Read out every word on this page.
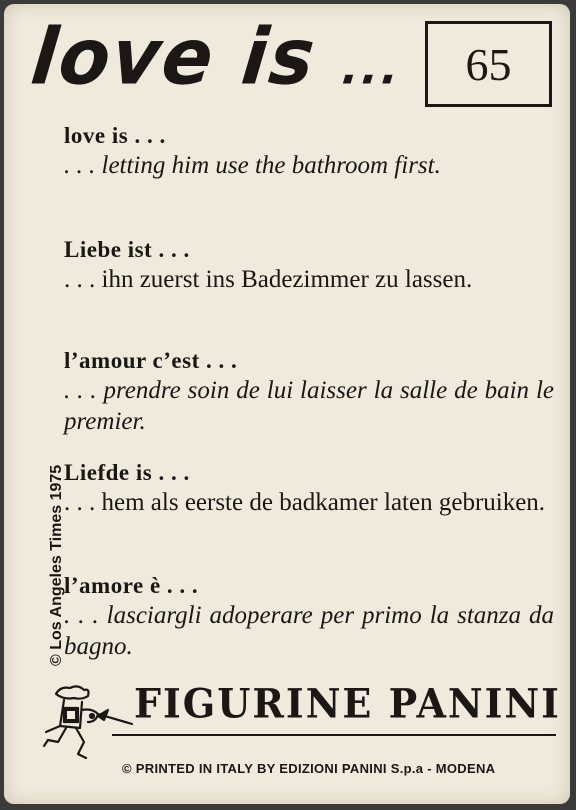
love is ... 65
love is . . .
. . . letting him use the bathroom first.
Liebe ist . . .
. . . ihn zuerst ins Badezimmer zu lassen.
l’amour c’est . . .
. . . prendre soin de lui laisser la salle de bain le premier.
Liefde is . . .
. . . hem als eerste de badkamer laten gebruiken.
l’amore è . . .
. . . lasciargli adoperare per primo la stanza da bagno.
© Los Angeles Times 1975
FIGURINE PANINI
© PRINTED IN ITALY BY EDIZIONI PANINI S.p.a - MODENA
